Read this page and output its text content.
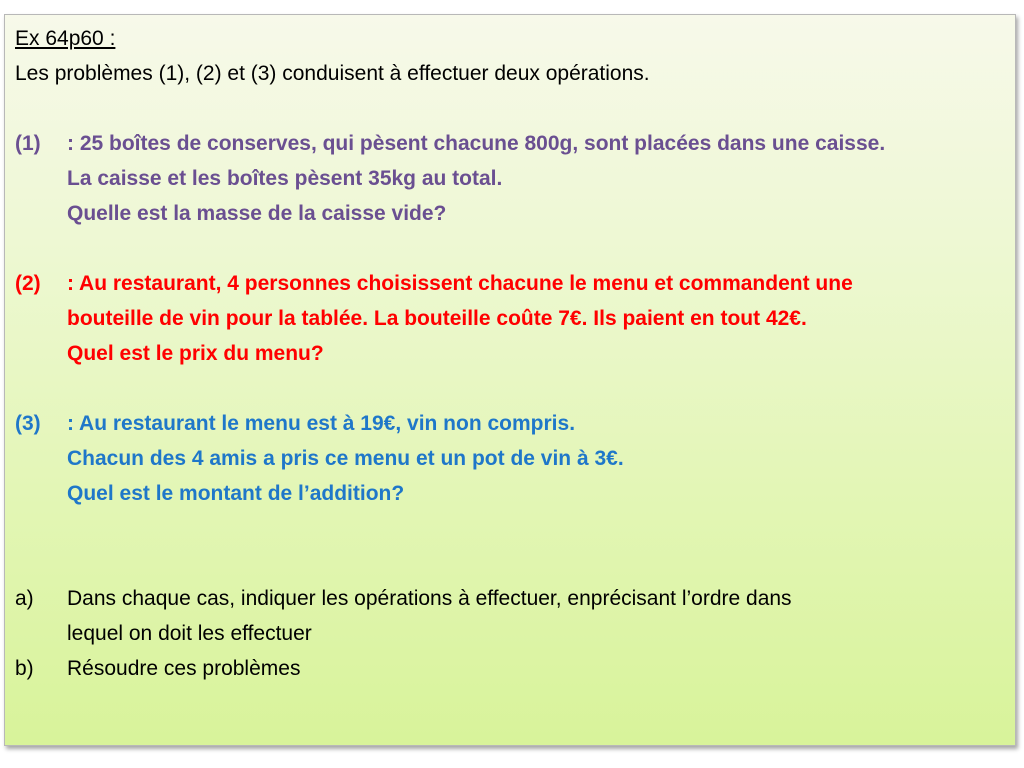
Ex 64p60 :
Les problèmes (1), (2) et (3) conduisent à effectuer deux opérations.
(1) : 25 boîtes de conserves, qui pèsent chacune 800g, sont placées dans une caisse.
La caisse et les boîtes pèsent 35kg au total.
Quelle est la masse de la caisse vide?
(2) : Au restaurant, 4 personnes choisissent chacune le menu et commandent une
bouteille de vin pour la tablée. La bouteille coûte 7€. Ils paient en tout 42€.
Quel est le prix du menu?
(3) : Au restaurant le menu est à 19€, vin non compris.
Chacun des 4 amis a pris ce menu et un pot de vin à 3€.
Quel est le montant de l’addition?
a) Dans chaque cas, indiquer les opérations à effectuer, enprécisant l’ordre dans
lequel on doit les effectuer
b) Résoudre ces problèmes
